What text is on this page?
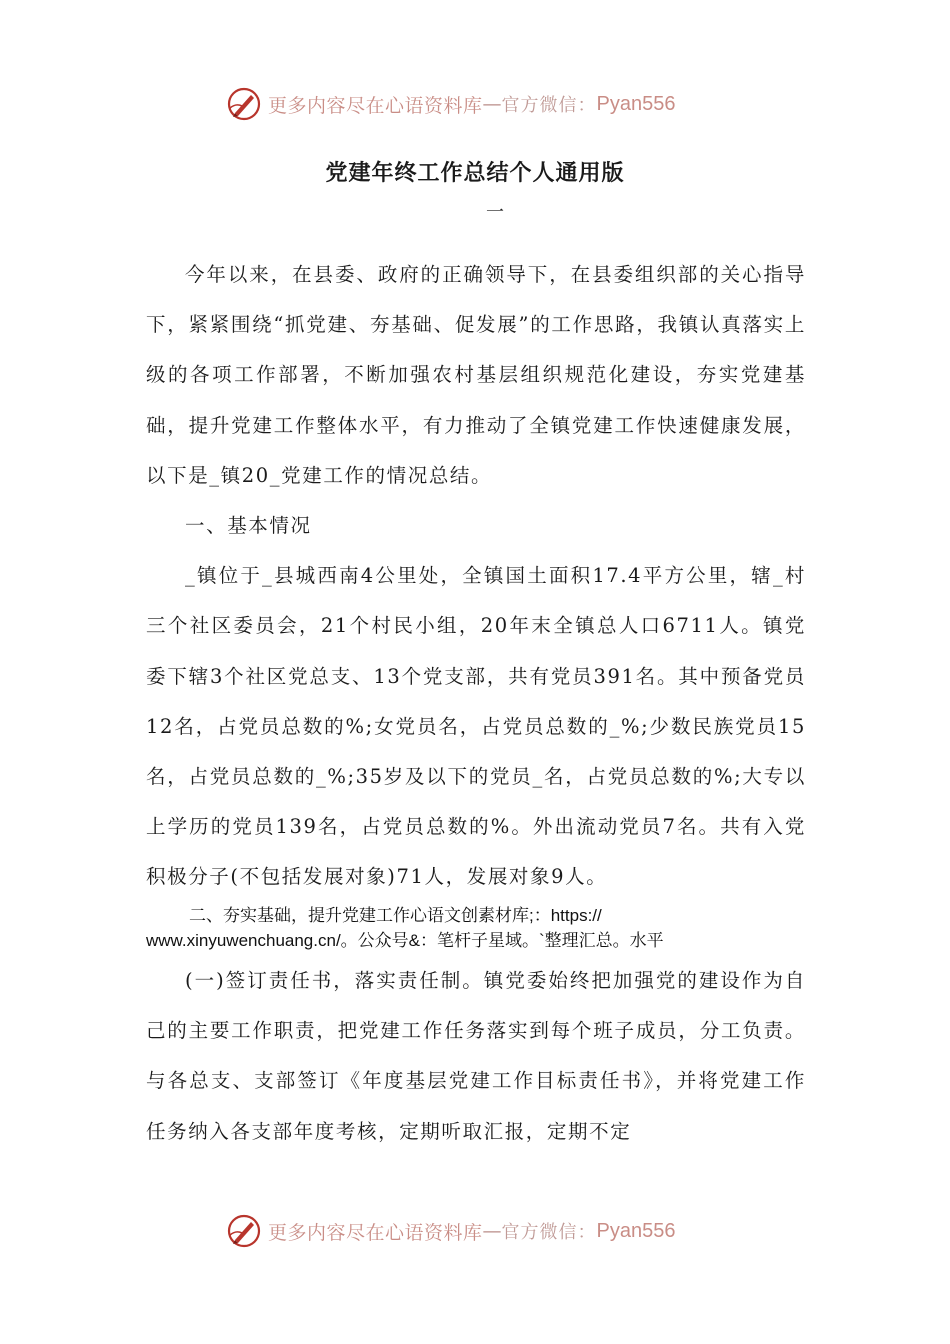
更多内容尽在心语资料库 — 官方微信： Pyan556
党建年终工作总结个人通用版
一

今年以来，在县委、政府的正确领导下，在县委组织部的关心指导下，紧紧围绕“抓党建、夯基础、促发展”的工作思路，我镇认真落实上级的各项工作部署，不断加强农村基层组织规范化建设，夯实党建基础，提升党建工作整体水平，有力推动了全镇党建工作快速健康发展，以下是_镇20_党建工作的情况总结。

一、基本情况

_镇位于_县城西南4公里处，全镇国土面积17.4平方公里，辖_村三个社区委员会，21个村民小组，20年末全镇总人口6711人。镇党委下辖3个社区党总支、13个党支部，共有党员391名。其中预备党员12名，占党员总数的%;女党员名，占党员总数的_%;少数民族党员15名，占党员总数的_%;35岁及以下的党员_名，占党员总数的%;大专以上学历的党员139名，占党员总数的%。外出流动党员7名。共有入党积极分子(不包括发展对象)71人，发展对象9人。

二、夯实基础，提升党建工作心语文创素材库;：https://
www.xinyuwenchuang.cn/。公众号&：笔杆子星域。`整理汇总。水平

(一)签订责任书，落实责任制。镇党委始终把加强党的建设作为自己的主要工作职责，把党建工作任务落实到每个班子成员，分工负责。与各总支、支部签订《年度基层党建工作目标责任书》，并将党建工作任务纳入各支部年度考核，定期听取汇报，定期不定

更多内容尽在心语资料库 — 官方微信： Pyan556
